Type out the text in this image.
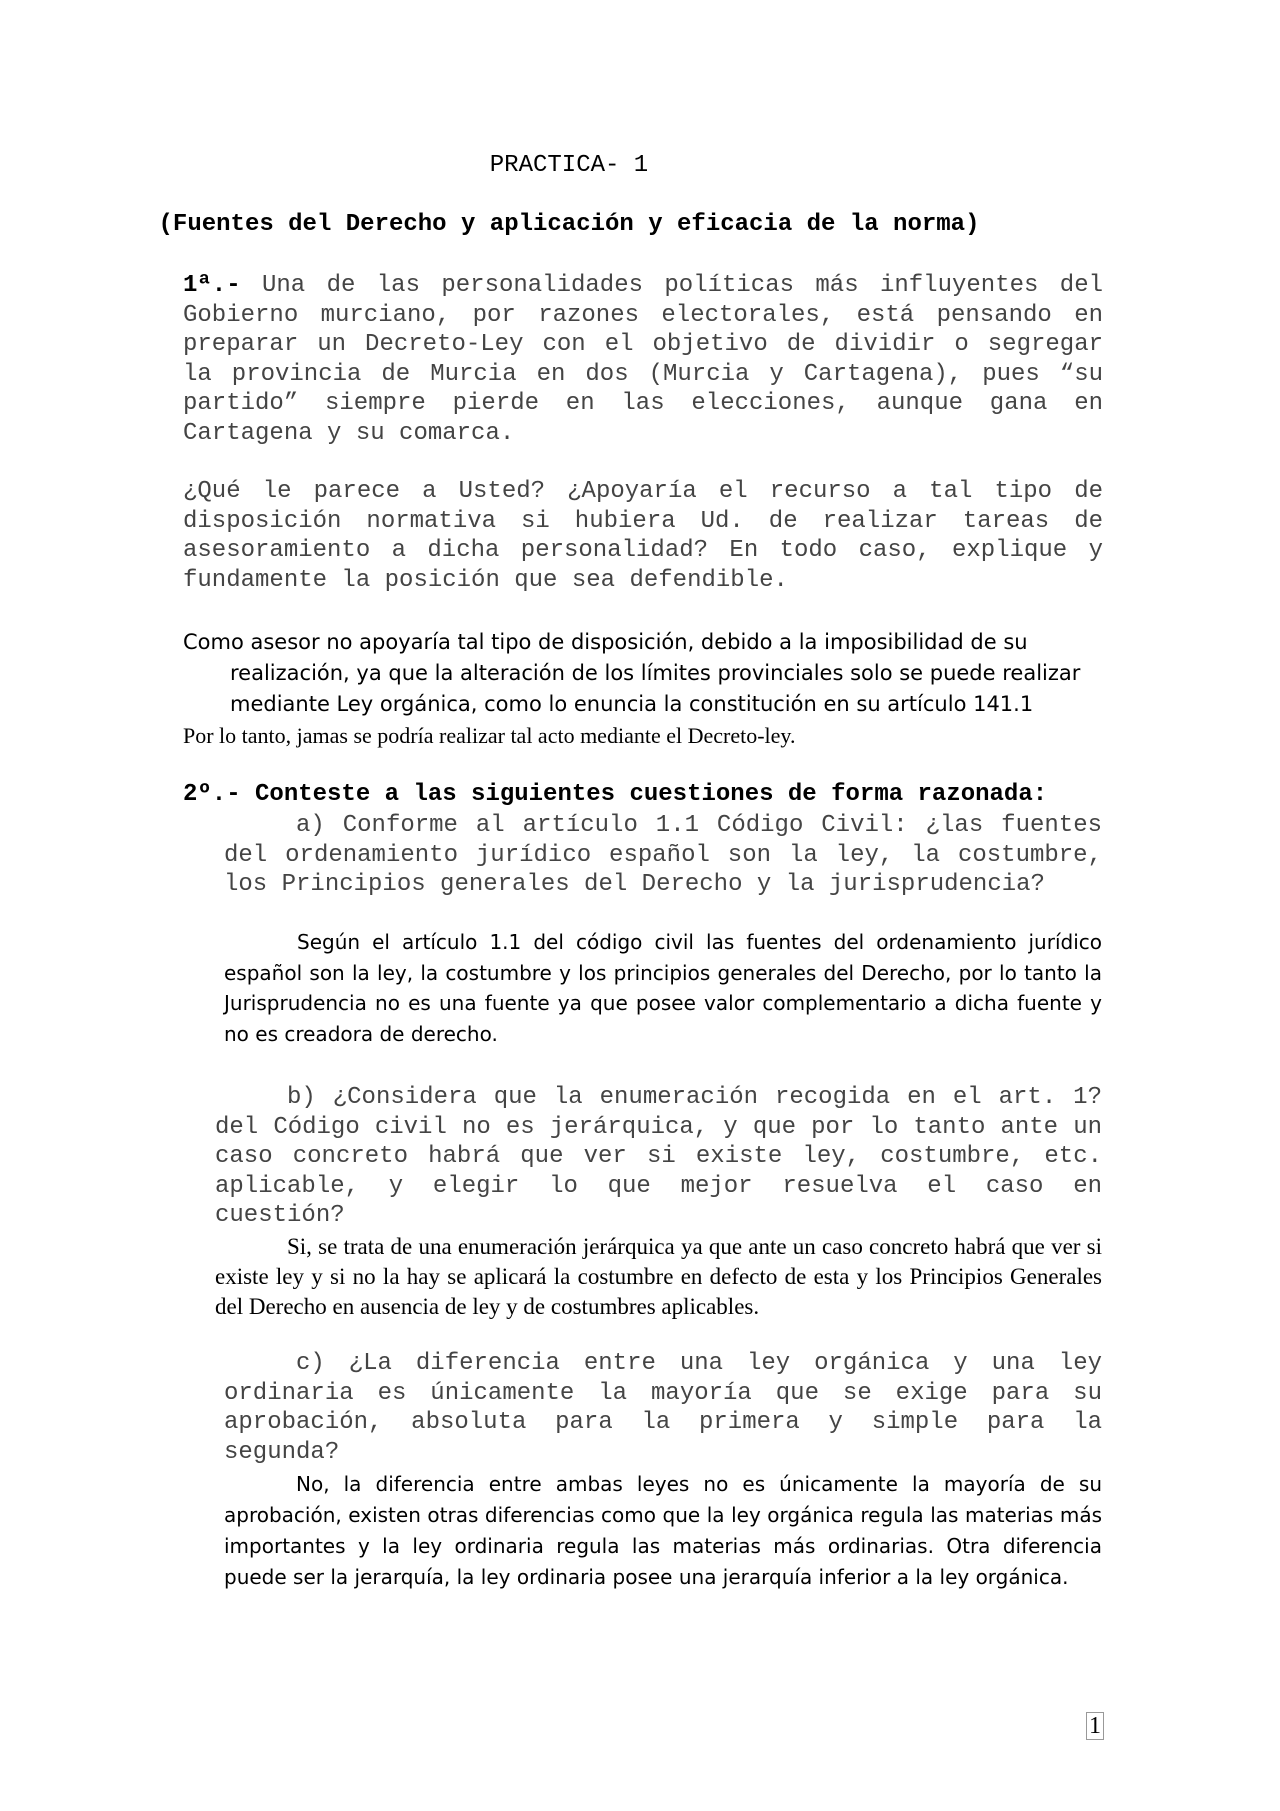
PRACTICA- 1
(Fuentes del Derecho y aplicación y eficacia de la norma)
1ª.- Una de las personalidades políticas más influyentes del Gobierno murciano, por razones electorales, está pensando en preparar un Decreto-Ley con el objetivo de dividir o segregar la provincia de Murcia en dos (Murcia y Cartagena), pues “su partido” siempre pierde en las elecciones, aunque gana en Cartagena y su comarca.
¿Qué le parece a Usted? ¿Apoyaría el recurso a tal tipo de disposición normativa si hubiera Ud. de realizar tareas de asesoramiento a dicha personalidad? En todo caso, explique y fundamente la posición que sea defendible.
Como asesor no apoyaría tal tipo de disposición, debido a la imposibilidad de su
realización, ya que la alteración de los límites provinciales solo se puede realizar
mediante Ley orgánica, como lo enuncia la constitución en su artículo 141.1
Por lo tanto, jamas se podría realizar tal acto mediante el Decreto-ley.
2º.- Conteste a las siguientes cuestiones de forma razonada:
a) Conforme al artículo 1.1 Código Civil: ¿las fuentes del ordenamiento jurídico español son la ley, la costumbre, los Principios generales del Derecho y la jurisprudencia?
Según el artículo 1.1 del código civil las fuentes del ordenamiento jurídico español son la ley, la costumbre y los principios generales del Derecho, por lo tanto la Jurisprudencia no es una fuente ya que posee valor complementario a dicha fuente y no es creadora de derecho.
b) ¿Considera que la enumeración recogida en el art. 1? del Código civil no es jerárquica, y que por lo tanto ante un caso concreto habrá que ver si existe ley, costumbre, etc. aplicable, y elegir lo que mejor resuelva el caso en cuestión?
Si, se trata de una enumeración jerárquica ya que ante un caso concreto habrá que ver si existe ley y si no la hay se aplicará la costumbre en defecto de esta y los Principios Generales del Derecho en ausencia de ley y de costumbres aplicables.
c) ¿La diferencia entre una ley orgánica y una ley ordinaria es únicamente la mayoría que se exige para su aprobación, absoluta para la primera y simple para la segunda?
No, la diferencia entre ambas leyes no es únicamente la mayoría de su aprobación, existen otras diferencias como que la ley orgánica regula las materias más importantes y la ley ordinaria regula las materias más ordinarias. Otra diferencia puede ser la jerarquía, la ley ordinaria posee una jerarquía inferior a la ley orgánica.
1
